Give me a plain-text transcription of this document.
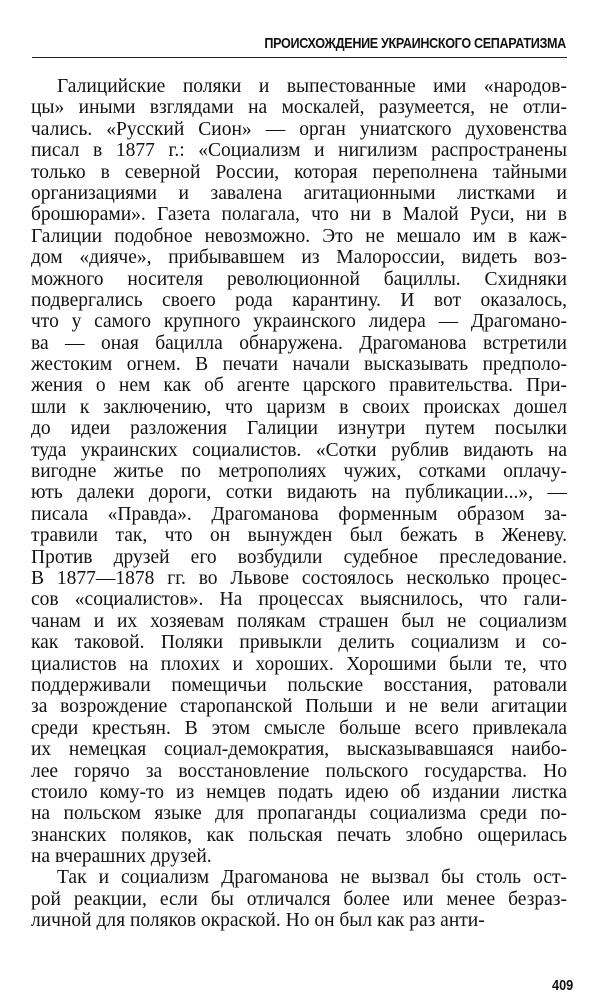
ПРОИСХОЖДЕНИЕ УКРАИНСКОГО СЕПАРАТИЗМА
Галицийские поляки и выпестованные ими «народов-
цы» иными взглядами на москалей, разумеется, не отли-
чались. «Русский Сион» — орган униатского духовенства
писал в 1877 г.: «Социализм и нигилизм распространены
только в северной России, которая переполнена тайными
организациями и завалена агитационными листками и
брошюрами». Газета полагала, что ни в Малой Руси, ни в
Галиции подобное невозможно. Это не мешало им в каж-
дом «дияче», прибывавшем из Малороссии, видеть воз-
можного носителя революционной бациллы. Схидняки
подвергались своего рода карантину. И вот оказалось,
что у самого крупного украинского лидера — Драгомано-
ва — оная бацилла обнаружена. Драгоманова встретили
жестоким огнем. В печати начали высказывать предполо-
жения о нем как об агенте царского правительства. При-
шли к заключению, что царизм в своих происках дошел
до идеи разложения Галиции изнутри путем посылки
туда украинских социалистов. «Сотки рублив видають на
вигодне житье по метрополиях чужих, сотками оплачу-
ють далеки дороги, сотки видають на публикации...», —
писала «Правда». Драгоманова форменным образом за-
травили так, что он вынужден был бежать в Женеву.
Против друзей его возбудили судебное преследование.
В 1877—1878 гг. во Львове состоялось несколько процес-
сов «социалистов». На процессах выяснилось, что гали-
чанам и их хозяевам полякам страшен был не социализм
как таковой. Поляки привыкли делить социализм и со-
циалистов на плохих и хороших. Хорошими были те, что
поддерживали помещичьи польские восстания, ратовали
за возрождение старопанской Польши и не вели агитации
среди крестьян. В этом смысле больше всего привлекала
их немецкая социал-демократия, высказывавшаяся наибо-
лее горячо за восстановление польского государства. Но
стоило кому-то из немцев подать идею об издании листка
на польском языке для пропаганды социализма среди по-
знанских поляков, как польская печать злобно ощерилась
на вчерашних друзей.
Так и социализм Драгоманова не вызвал бы столь ост-
рой реакции, если бы отличался более или менее безраз-
личной для поляков окраской. Но он был как раз анти-
409
